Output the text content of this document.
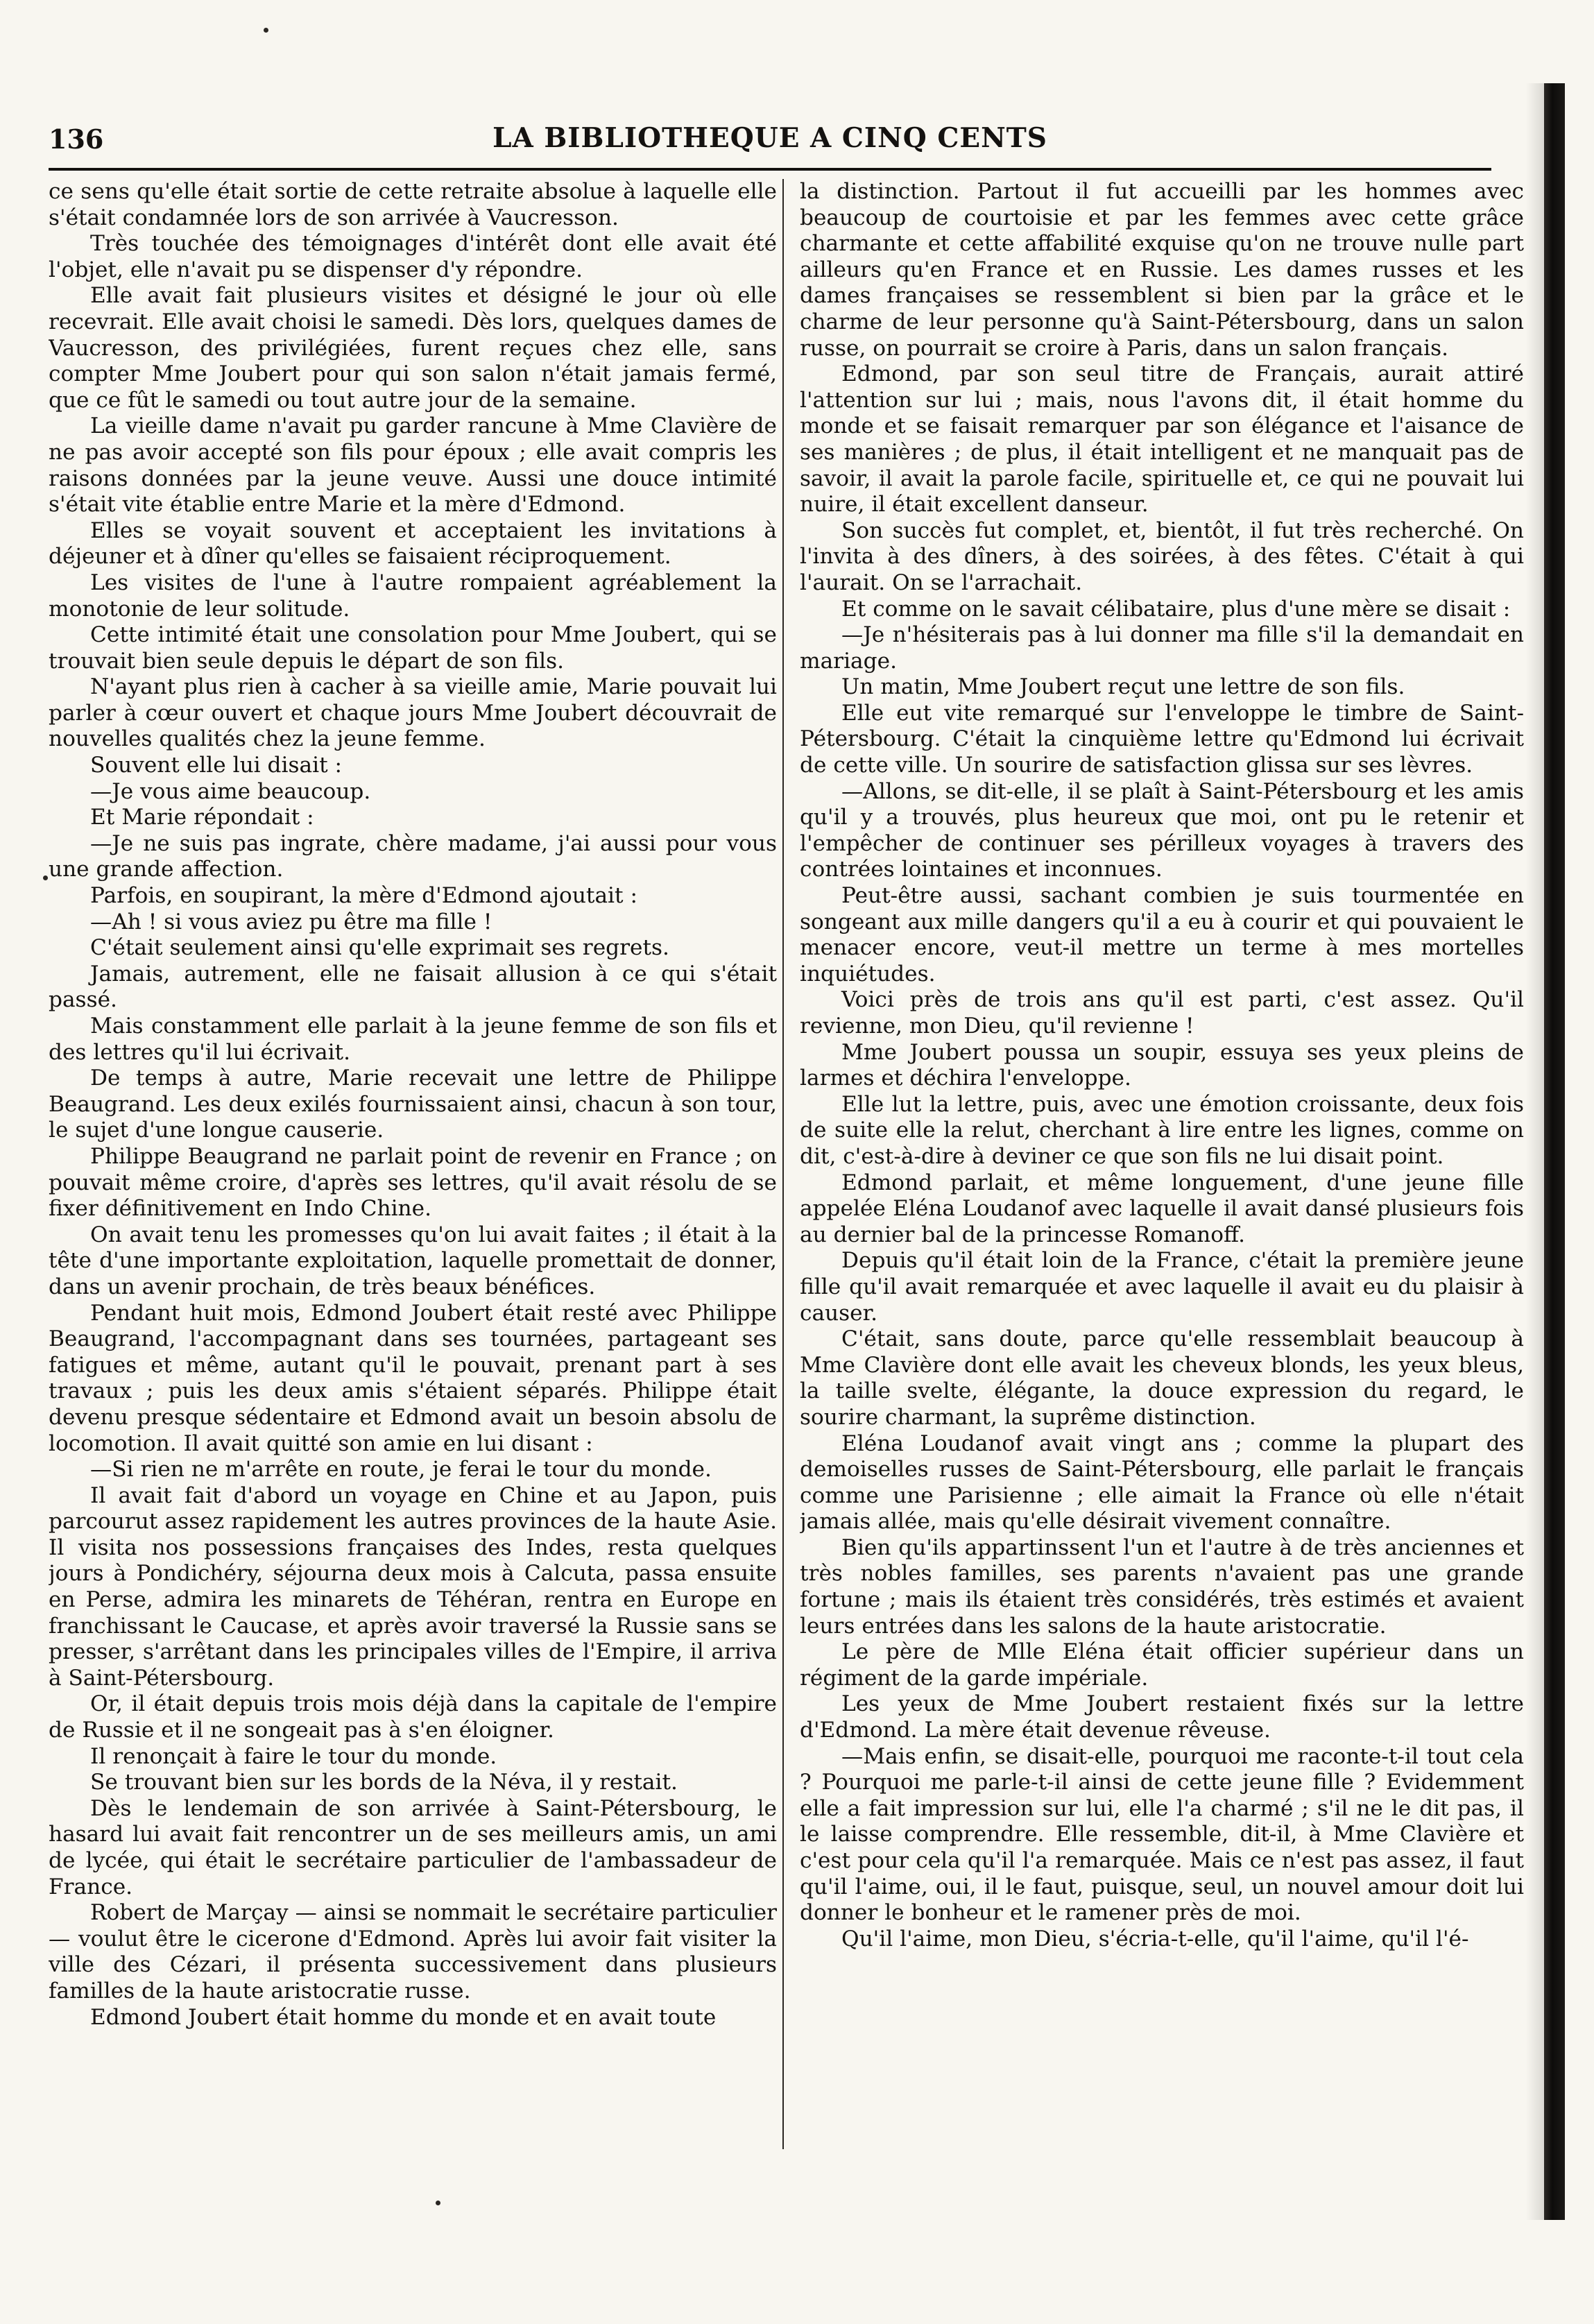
136	LA BIBLIOTHEQUE A CINQ CENTS

ce sens qu'elle était sortie de cette retraite absolue à laquelle elle s'était condamnée lors de son arrivée à Vaucresson.

Très touchée des témoignages d'intérêt dont elle avait été l'objet, elle n'avait pu se dispenser d'y répondre.

Elle avait fait plusieurs visites et désigné le jour où elle recevrait. Elle avait choisi le samedi. Dès lors, quelques dames de Vaucresson, des privilégiées, furent reçues chez elle, sans compter Mme Joubert pour qui son salon n'était jamais fermé, que ce fût le samedi ou tout autre jour de la semaine.

La vieille dame n'avait pu garder rancune à Mme Clavière de ne pas avoir accepté son fils pour époux ; elle avait compris les raisons données par la jeune veuve. Aussi une douce intimité s'était vite établie entre Marie et la mère d'Edmond.

Elles se voyait souvent et acceptaient les invitations à déjeuner et à dîner qu'elles se faisaient réciproquement.

Les visites de l'une à l'autre rompaient agréablement la monotonie de leur solitude.

Cette intimité était une consolation pour Mme Joubert, qui se trouvait bien seule depuis le départ de son fils.

N'ayant plus rien à cacher à sa vieille amie, Marie pouvait lui parler à cœur ouvert et chaque jours Mme Joubert découvrait de nouvelles qualités chez la jeune femme.

Souvent elle lui disait :

—Je vous aime beaucoup.

Et Marie répondait :

—Je ne suis pas ingrate, chère madame, j'ai aussi pour vous une grande affection.

Parfois, en soupirant, la mère d'Edmond ajoutait :

—Ah ! si vous aviez pu être ma fille !

C'était seulement ainsi qu'elle exprimait ses regrets.

Jamais, autrement, elle ne faisait allusion à ce qui s'était passé.

Mais constamment elle parlait à la jeune femme de son fils et des lettres qu'il lui écrivait.

De temps à autre, Marie recevait une lettre de Philippe Beaugrand. Les deux exilés fournissaient ainsi, chacun à son tour, le sujet d'une longue causerie.

Philippe Beaugrand ne parlait point de revenir en France ; on pouvait même croire, d'après ses lettres, qu'il avait résolu de se fixer définitivement en Indo Chine.

On avait tenu les promesses qu'on lui avait faites ; il était à la tête d'une importante exploitation, laquelle promettait de donner, dans un avenir prochain, de très beaux bénéfices.

Pendant huit mois, Edmond Joubert était resté avec Philippe Beaugrand, l'accompagnant dans ses tournées, partageant ses fatigues et même, autant qu'il le pouvait, prenant part à ses travaux ; puis les deux amis s'étaient séparés. Philippe était devenu presque sédentaire et Edmond avait un besoin absolu de locomotion. Il avait quitté son amie en lui disant :

—Si rien ne m'arrête en route, je ferai le tour du monde.

Il avait fait d'abord un voyage en Chine et au Japon, puis parcourut assez rapidement les autres provinces de la haute Asie. Il visita nos possessions françaises des Indes, resta quelques jours à Pondichéry, séjourna deux mois à Calcuta, passa ensuite en Perse, admira les minarets de Téhéran, rentra en Europe en franchissant le Caucase, et après avoir traversé la Russie sans se presser, s'arrêtant dans les principales villes de l'Empire, il arriva à Saint-Pétersbourg.

Or, il était depuis trois mois déjà dans la capitale de l'empire de Russie et il ne songeait pas à s'en éloigner.

Il renonçait à faire le tour du monde.

Se trouvant bien sur les bords de la Néva, il y restait.

Dès le lendemain de son arrivée à Saint-Pétersbourg, le hasard lui avait fait rencontrer un de ses meilleurs amis, un ami de lycée, qui était le secrétaire particulier de l'ambassadeur de France.

Robert de Marçay — ainsi se nommait le secrétaire particulier — voulut être le cicerone d'Edmond. Après lui avoir fait visiter la ville des Cézari, il présenta successivement dans plusieurs familles de la haute aristocratie russe.

Edmond Joubert était homme du monde et en avait toute

la distinction. Partout il fut accueilli par les hommes avec beaucoup de courtoisie et par les femmes avec cette grâce charmante et cette affabilité exquise qu'on ne trouve nulle part ailleurs qu'en France et en Russie. Les dames russes et les dames françaises se ressemblent si bien par la grâce et le charme de leur personne qu'à Saint-Pétersbourg, dans un salon russe, on pourrait se croire à Paris, dans un salon français.

Edmond, par son seul titre de Français, aurait attiré l'attention sur lui ; mais, nous l'avons dit, il était homme du monde et se faisait remarquer par son élégance et l'aisance de ses manières ; de plus, il était intelligent et ne manquait pas de savoir, il avait la parole facile, spirituelle et, ce qui ne pouvait lui nuire, il était excellent danseur.

Son succès fut complet, et, bientôt, il fut très recherché. On l'invita à des dîners, à des soirées, à des fêtes. C'était à qui l'aurait. On se l'arrachait.

Et comme on le savait célibataire, plus d'une mère se disait :

—Je n'hésiterais pas à lui donner ma fille s'il la demandait en mariage.

Un matin, Mme Joubert reçut une lettre de son fils.

Elle eut vite remarqué sur l'enveloppe le timbre de Saint-Pétersbourg. C'était la cinquième lettre qu'Edmond lui écrivait de cette ville. Un sourire de satisfaction glissa sur ses lèvres.

—Allons, se dit-elle, il se plaît à Saint-Pétersbourg et les amis qu'il y a trouvés, plus heureux que moi, ont pu le retenir et l'empêcher de continuer ses périlleux voyages à travers des contrées lointaines et inconnues.

Peut-être aussi, sachant combien je suis tourmentée en songeant aux mille dangers qu'il a eu à courir et qui pouvaient le menacer encore, veut-il mettre un terme à mes mortelles inquiétudes.

Voici près de trois ans qu'il est parti, c'est assez. Qu'il revienne, mon Dieu, qu'il revienne !

Mme Joubert poussa un soupir, essuya ses yeux pleins de larmes et déchira l'enveloppe.

Elle lut la lettre, puis, avec une émotion croissante, deux fois de suite elle la relut, cherchant à lire entre les lignes, comme on dit, c'est-à-dire à deviner ce que son fils ne lui disait point.

Edmond parlait, et même longuement, d'une jeune fille appelée Eléna Loudanof avec laquelle il avait dansé plusieurs fois au dernier bal de la princesse Romanoff.

Depuis qu'il était loin de la France, c'était la première jeune fille qu'il avait remarquée et avec laquelle il avait eu du plaisir à causer.

C'était, sans doute, parce qu'elle ressemblait beaucoup à Mme Clavière dont elle avait les cheveux blonds, les yeux bleus, la taille svelte, élégante, la douce expression du regard, le sourire charmant, la suprême distinction.

Eléna Loudanof avait vingt ans ; comme la plupart des demoiselles russes de Saint-Pétersbourg, elle parlait le français comme une Parisienne ; elle aimait la France où elle n'était jamais allée, mais qu'elle désirait vivement connaître.

Bien qu'ils appartinssent l'un et l'autre à de très anciennes et très nobles familles, ses parents n'avaient pas une grande fortune ; mais ils étaient très considérés, très estimés et avaient leurs entrées dans les salons de la haute aristocratie.

Le père de Mlle Eléna était officier supérieur dans un régiment de la garde impériale.

Les yeux de Mme Joubert restaient fixés sur la lettre d'Edmond. La mère était devenue rêveuse.

—Mais enfin, se disait-elle, pourquoi me raconte-t-il tout cela ? Pourquoi me parle-t-il ainsi de cette jeune fille ? Evidemment elle a fait impression sur lui, elle l'a charmé ; s'il ne le dit pas, il le laisse comprendre. Elle ressemble, dit-il, à Mme Clavière et c'est pour cela qu'il l'a remarquée. Mais ce n'est pas assez, il faut qu'il l'aime, oui, il le faut, puisque, seul, un nouvel amour doit lui donner le bonheur et le ramener près de moi.

Qu'il l'aime, mon Dieu, s'écria-t-elle, qu'il l'aime, qu'il l'é-
